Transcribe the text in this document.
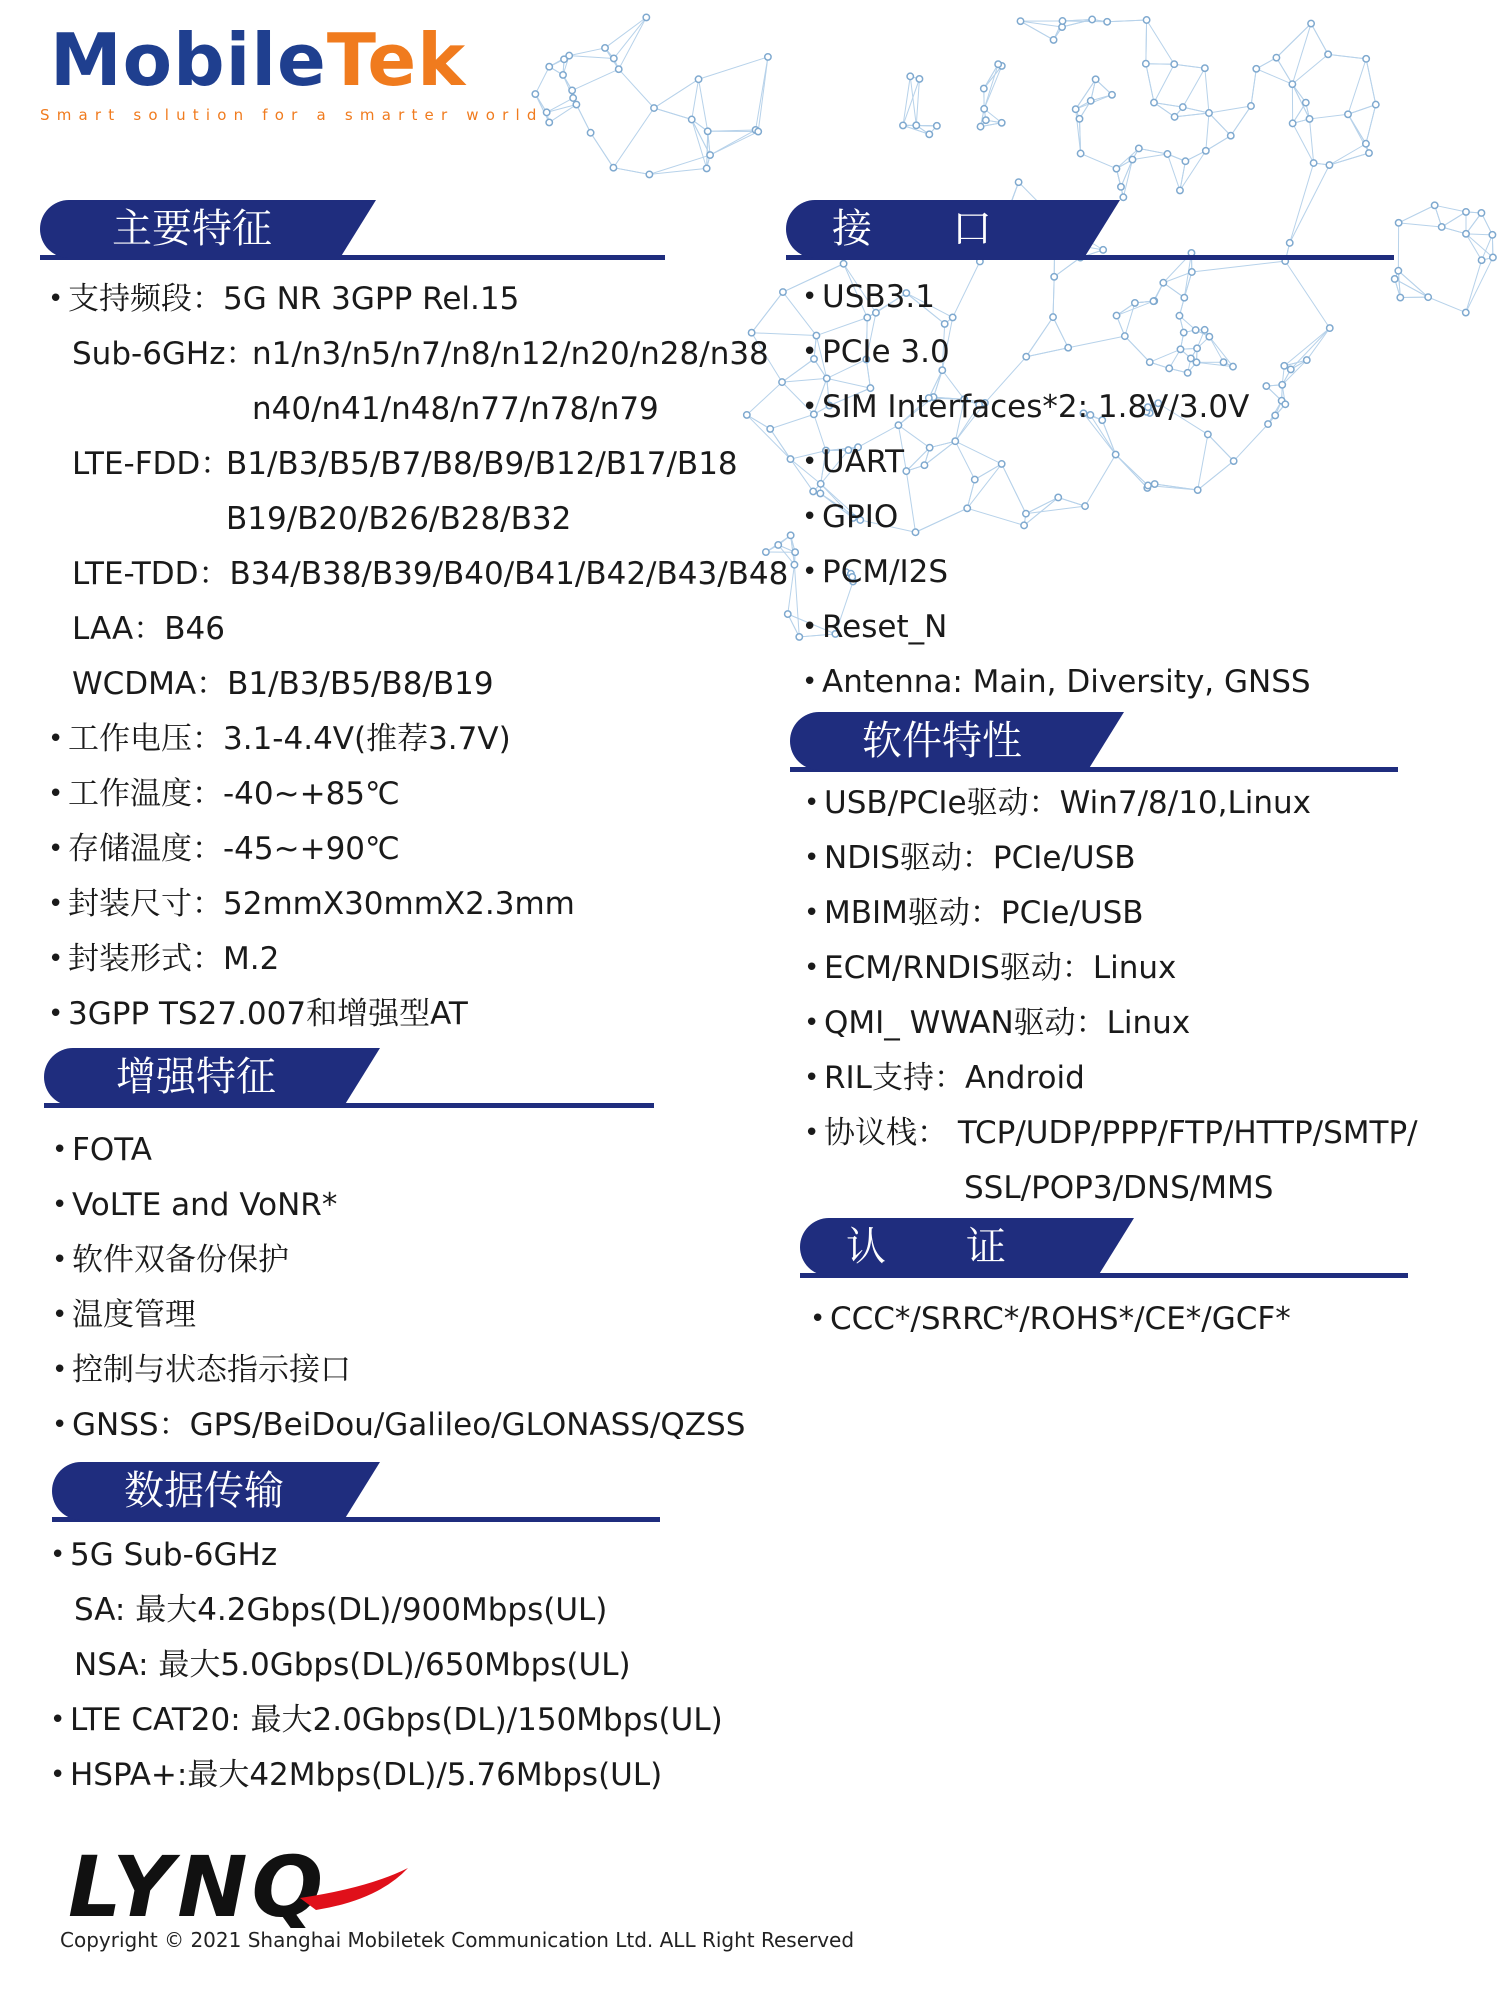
MobileTek
Smart solution for a smarter world
主要特征
• 支持频段：5G NR 3GPP Rel.15
Sub-6GHz：
n1/n3/n5/n7/n8/n12/n20/n28/n38
n40/n41/n48/n77/n78/n79
LTE-FDD：
B1/B3/B5/B7/B8/B9/B12/B17/B18
B19/B20/B26/B28/B32
LTE-TDD：B34/B38/B39/B40/B41/B42/B43/B48
LAA：B46
WCDMA：B1/B3/B5/B8/B19
• 工作电压：3.1-4.4V(推荐3.7V)
• 工作温度：-40~+85℃
• 存储温度：-45~+90℃
• 封装尺寸：52mmX30mmX2.3mm
• 封装形式：M.2
• 3GPP TS27.007和增强型AT
增强特征
• FOTA
• VoLTE and VoNR*
• 软件双备份保护
• 温度管理
• 控制与状态指示接口
• GNSS：GPS/BeiDou/Galileo/GLONASS/QZSS
数据传输
• 5G Sub-6GHz
SA: 最大4.2Gbps(DL)/900Mbps(UL)
NSA: 最大5.0Gbps(DL)/650Mbps(UL)
• LTE CAT20: 最大2.0Gbps(DL)/150Mbps(UL)
• HSPA+:最大42Mbps(DL)/5.76Mbps(UL)
接　　口
• USB3.1
• PCIe 3.0
• SIM Interfaces*2: 1.8V/3.0V
• UART
• GPIO
• PCM/I2S
• Reset_N
• Antenna: Main, Diversity, GNSS
软件特性
• USB/PCIe驱动：Win7/8/10,Linux
• NDIS驱动：PCIe/USB
• MBIM驱动：PCIe/USB
• ECM/RNDIS驱动：Linux
• QMI_ WWAN驱动：Linux
• RIL支持：Android
• 协议栈： TCP/UDP/PPP/FTP/HTTP/SMTP/
SSL/POP3/DNS/MMS
认　　证
• CCC*/SRRC*/ROHS*/CE*/GCF*
LYNQ
Copyright © 2021 Shanghai Mobiletek Communication Ltd. ALL Right Reserved
